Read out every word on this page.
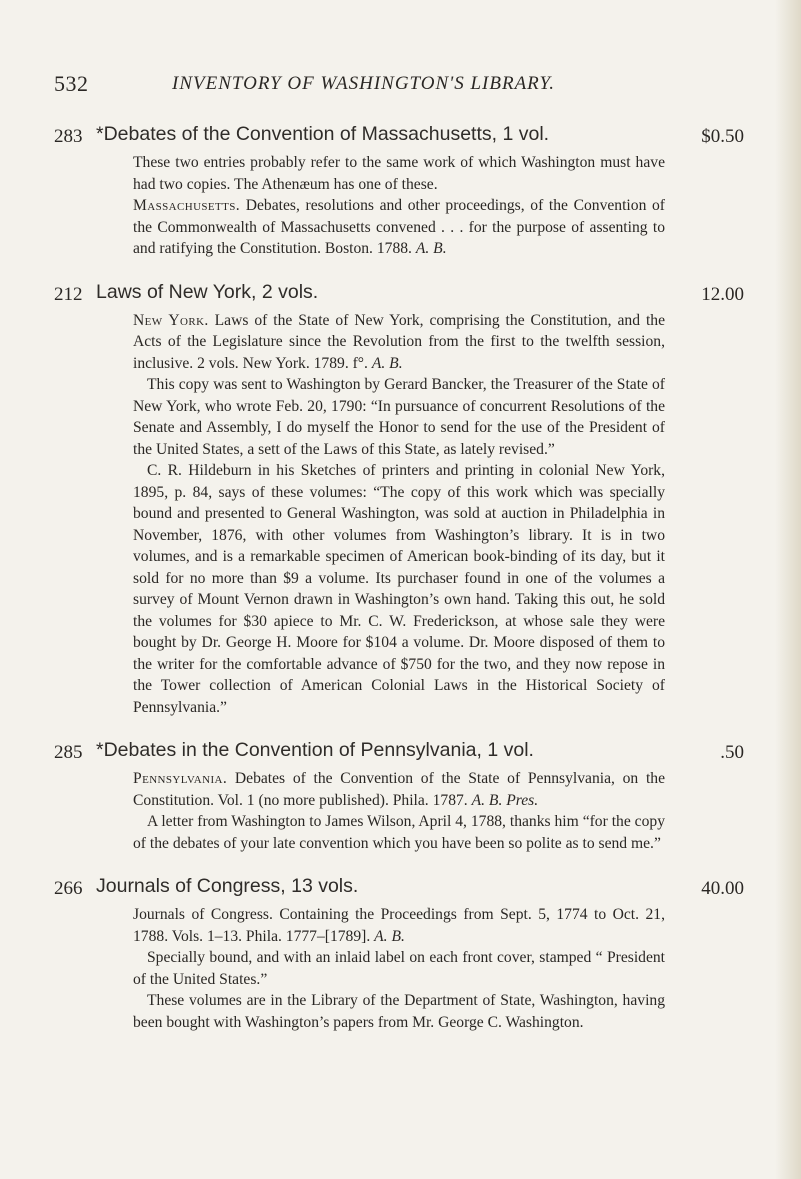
532	INVENTORY OF WASHINGTON'S LIBRARY.
283 *Debates of the Convention of Massachusetts, 1 vol.	$0.50

These two entries probably refer to the same work of which Washington must have had two copies. The Athenæum has one of these.

Massachusetts. Debates, resolutions and other proceedings, of the Convention of the Commonwealth of Massachusetts convened . . . for the purpose of assenting to and ratifying the Constitution. Boston. 1788. A. B.

212 Laws of New York, 2 vols.	12.00

New York. Laws of the State of New York, comprising the Constitution, and the Acts of the Legislature since the Revolution from the first to the twelfth session, inclusive. 2 vols. New York. 1789. f°. A. B.

This copy was sent to Washington by Gerard Bancker, the Treasurer of the State of New York, who wrote Feb. 20, 1790: “In pursuance of concurrent Resolutions of the Senate and Assembly, I do myself the Honor to send for the use of the President of the United States, a sett of the Laws of this State, as lately revised.”

C. R. Hildeburn in his Sketches of printers and printing in colonial New York, 1895, p. 84, says of these volumes: “The copy of this work which was specially bound and presented to General Washington, was sold at auction in Philadelphia in November, 1876, with other volumes from Washington’s library. It is in two volumes, and is a remarkable specimen of American book-binding of its day, but it sold for no more than $9 a volume. Its purchaser found in one of the volumes a survey of Mount Vernon drawn in Washington’s own hand. Taking this out, he sold the volumes for $30 apiece to Mr. C. W. Frederickson, at whose sale they were bought by Dr. George H. Moore for $104 a volume. Dr. Moore disposed of them to the writer for the comfortable advance of $750 for the two, and they now repose in the Tower collection of American Colonial Laws in the Historical Society of Pennsylvania.”

285 *Debates in the Convention of Pennsylvania, 1 vol.	.50

Pennsylvania. Debates of the Convention of the State of Pennsylvania, on the Constitution. Vol. 1 (no more published). Phila. 1787. A. B. Pres.

A letter from Washington to James Wilson, April 4, 1788, thanks him “for the copy of the debates of your late convention which you have been so polite as to send me.”

266 Journals of Congress, 13 vols.	40.00

Journals of Congress. Containing the Proceedings from Sept. 5, 1774 to Oct. 21, 1788. Vols. 1–13. Phila. 1777–[1789]. A. B.

Specially bound, and with an inlaid label on each front cover, stamped “ President of the United States.”

These volumes are in the Library of the Department of State, Washington, having been bought with Washington’s papers from Mr. George C. Washington.
